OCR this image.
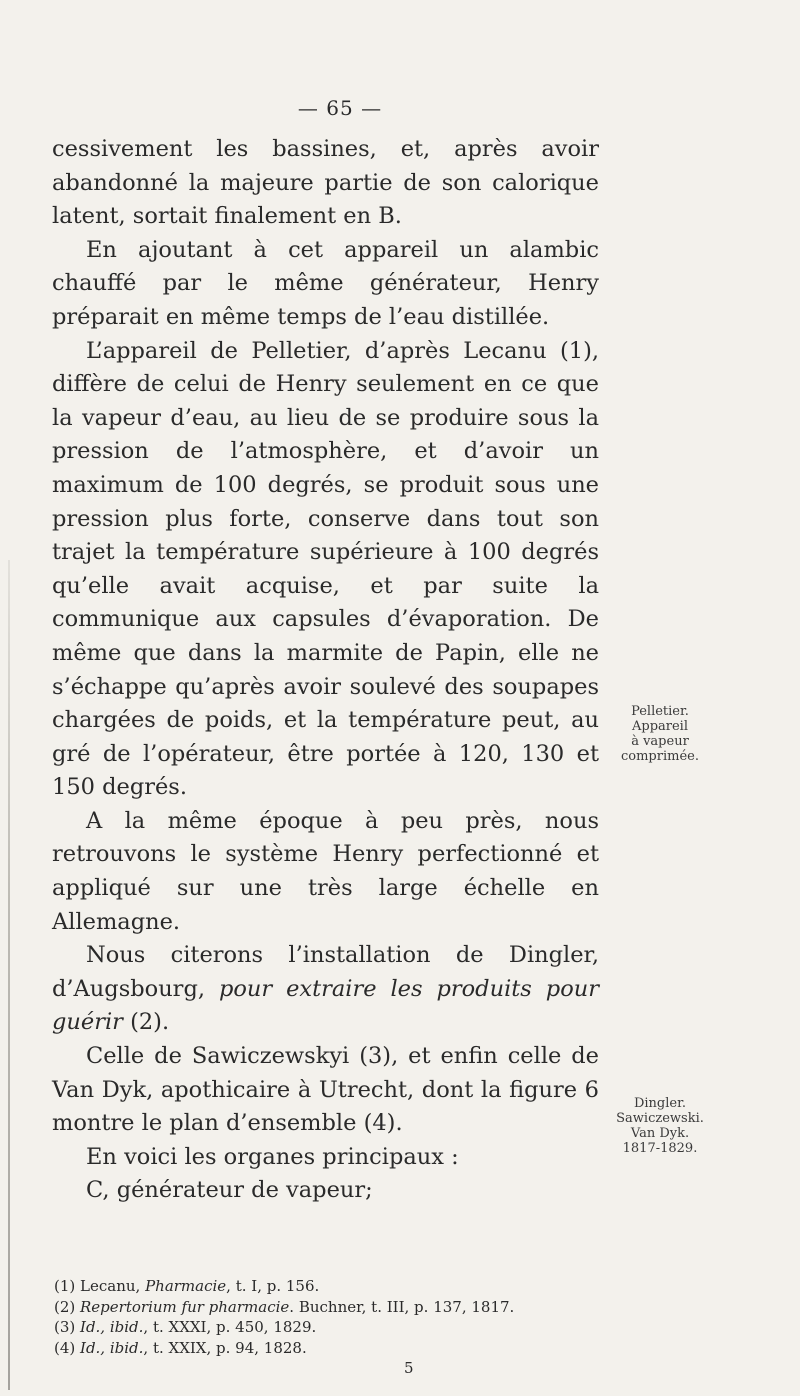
— 65 —

cessivement les bassines, et, après avoir abandonné la majeure partie de son calorique latent, sortait finalement en B.

En ajoutant à cet appareil un alambic chauffé par le même générateur, Henry préparait en même temps de l’eau distillée.

L’appareil de Pelletier, d’après Lecanu (1), diffère de celui de Henry seulement en ce que la vapeur d’eau, au lieu de se produire sous la pression de l’atmosphère, et d’avoir un maximum de 100 degrés, se produit sous une pression plus forte, conserve dans tout son trajet la température supérieure à 100 degrés qu’elle avait acquise, et par suite la communique aux capsules d’évaporation. De même que dans la marmite de Papin, elle ne s’échappe qu’après avoir soulevé des soupapes chargées de poids, et la température peut, au gré de l’opérateur, être portée à 120, 130 et 150 degrés.

A la même époque à peu près, nous retrouvons le système Henry perfectionné et appliqué sur une très large échelle en Allemagne.

Nous citerons l’installation de Dingler, d’Augsbourg, pour extraire les produits pour guérir (2).

Celle de Sawiczewskyi (3), et enfin celle de Van Dyk, apothicaire à Utrecht, dont la figure 6 montre le plan d’ensemble (4).

En voici les organes principaux :

C, générateur de vapeur;

Pelletier.
Appareil
à vapeur
comprimée.
Dingler.
Sawiczewski.
Van Dyk.
1817-1829.
(1) Lecanu, Pharmacie, t. I, p. 156.
(2) Repertorium fur pharmacie. Buchner, t. III, p. 137, 1817.
(3) Id., ibid., t. XXXI, p. 450, 1829.
(4) Id., ibid., t. XXIX, p. 94, 1828.
5
